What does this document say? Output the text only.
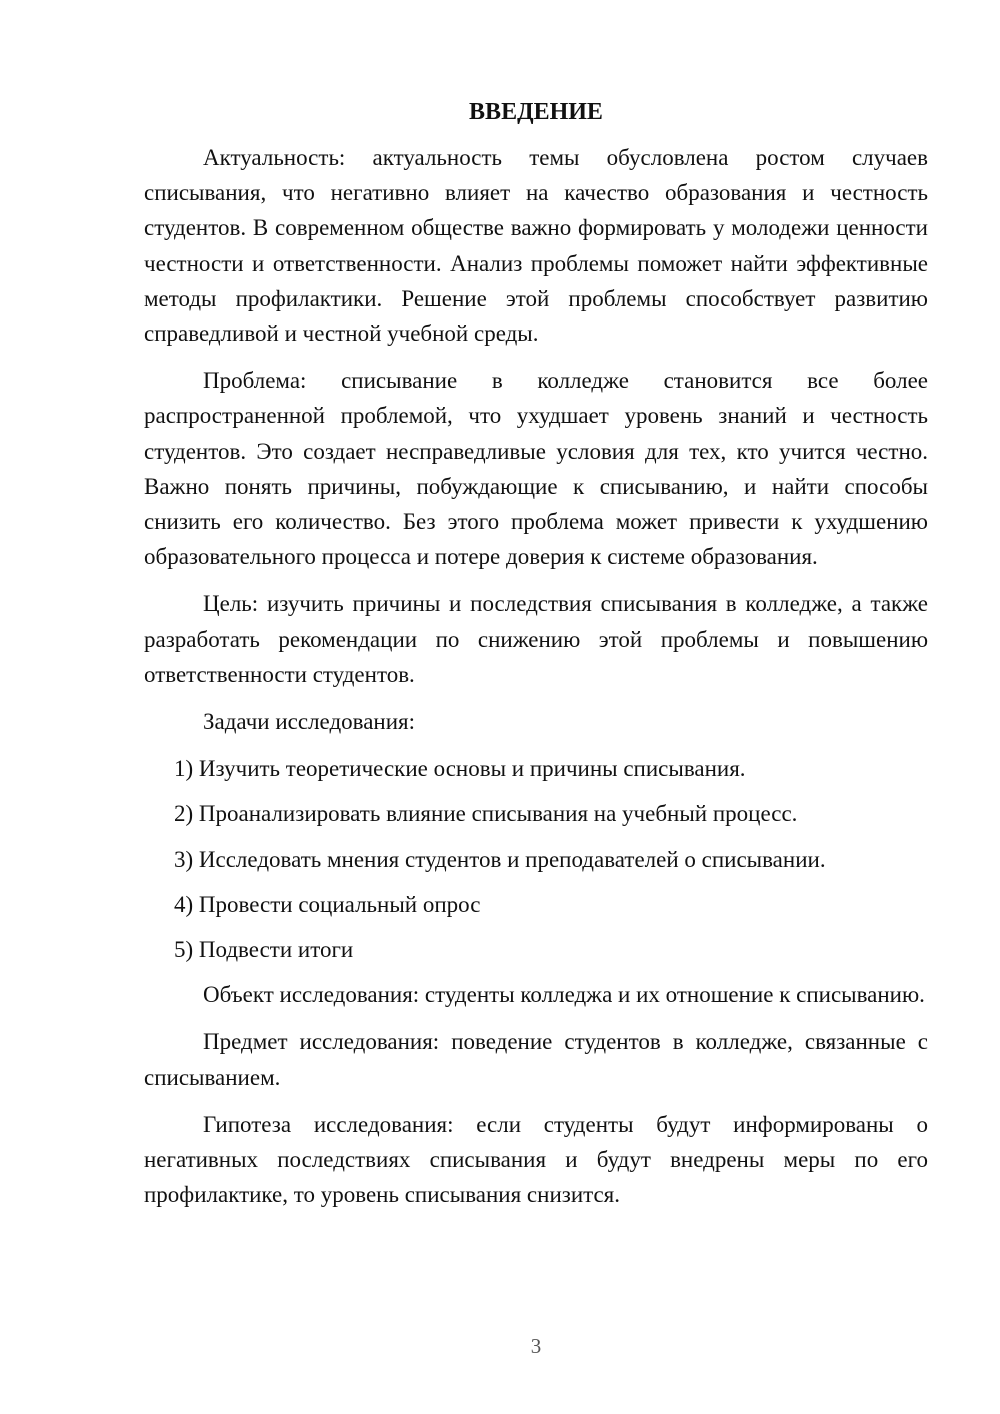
ВВЕДЕНИЕ

Актуальность: актуальность темы обусловлена ростом случаев списывания, что негативно влияет на качество образования и честность студентов. В современном обществе важно формировать у молодежи ценности честности и ответственности. Анализ проблемы поможет найти эффективные методы профилактики. Решение этой проблемы способствует развитию справедливой и честной учебной среды.

Проблема: списывание в колледже становится все более распространенной проблемой, что ухудшает уровень знаний и честность студентов. Это создает несправедливые условия для тех, кто учится честно. Важно понять причины, побуждающие к списыванию, и найти способы снизить его количество. Без этого проблема может привести к ухудшению образовательного процесса и потере доверия к системе образования.

Цель: изучить причины и последствия списывания в колледже, а также разработать рекомендации по снижению этой проблемы и повышению ответственности студентов.

Задачи исследования:

1) Изучить теоретические основы и причины списывания.

2) Проанализировать влияние списывания на учебный процесс.

3) Исследовать мнения студентов и преподавателей о списывании.

4) Провести социальный опрос

5) Подвести итоги

Объект исследования: студенты колледжа и их отношение к списыванию.

Предмет исследования: поведение студентов в колледже, связанные с списыванием.

Гипотеза исследования: если студенты будут информированы о негативных последствиях списывания и будут внедрены меры по его профилактике, то уровень списывания снизится.

3
